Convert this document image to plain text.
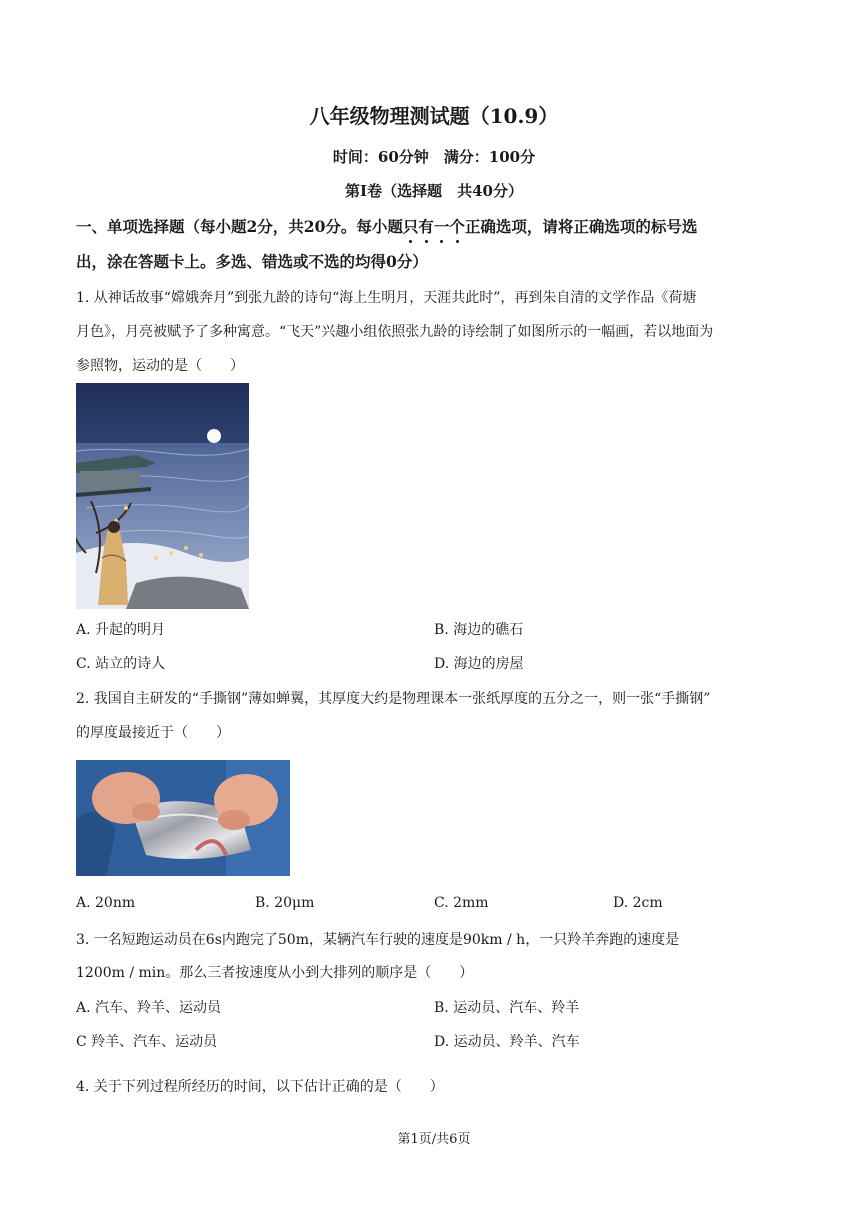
八年级物理测试题（10.9）
时间：60分钟　满分：100分
第Ⅰ卷（选择题　共40分）
一、单项选择题（每小题2分，共20分。每小题只有一个正确选项，请将正确选项的标号选
出，涂在答题卡上。多选、错选或不选的均得0分）
1. 从神话故事“嫦娥奔月”到张九龄的诗句“海上生明月，天涯共此时”，再到朱自清的文学作品《荷塘
月色》，月亮被赋予了多种寓意。“飞天”兴趣小组依照张九龄的诗绘制了如图所示的一幅画，若以地面为
参照物，运动的是（　　）
A. 升起的明月	B. 海边的礁石
C. 站立的诗人	D. 海边的房屋
2. 我国自主研发的“手撕钢”薄如蝉翼，其厚度大约是物理课本一张纸厚度的五分之一，则一张“手撕钢”
的厚度最接近于（　　）
A. 20nm	B. 20μm	C. 2mm	D. 2cm
3. 一名短跑运动员在6s内跑完了50m，某辆汽车行驶的速度是90km / h，一只羚羊奔跑的速度是
1200m / min。那么三者按速度从小到大排列的顺序是（　　）
A. 汽车、羚羊、运动员	B. 运动员、汽车、羚羊
C 羚羊、汽车、运动员	D. 运动员、羚羊、汽车
4. 关于下列过程所经历的时间，以下估计正确的是（　　）
第1页/共6页
